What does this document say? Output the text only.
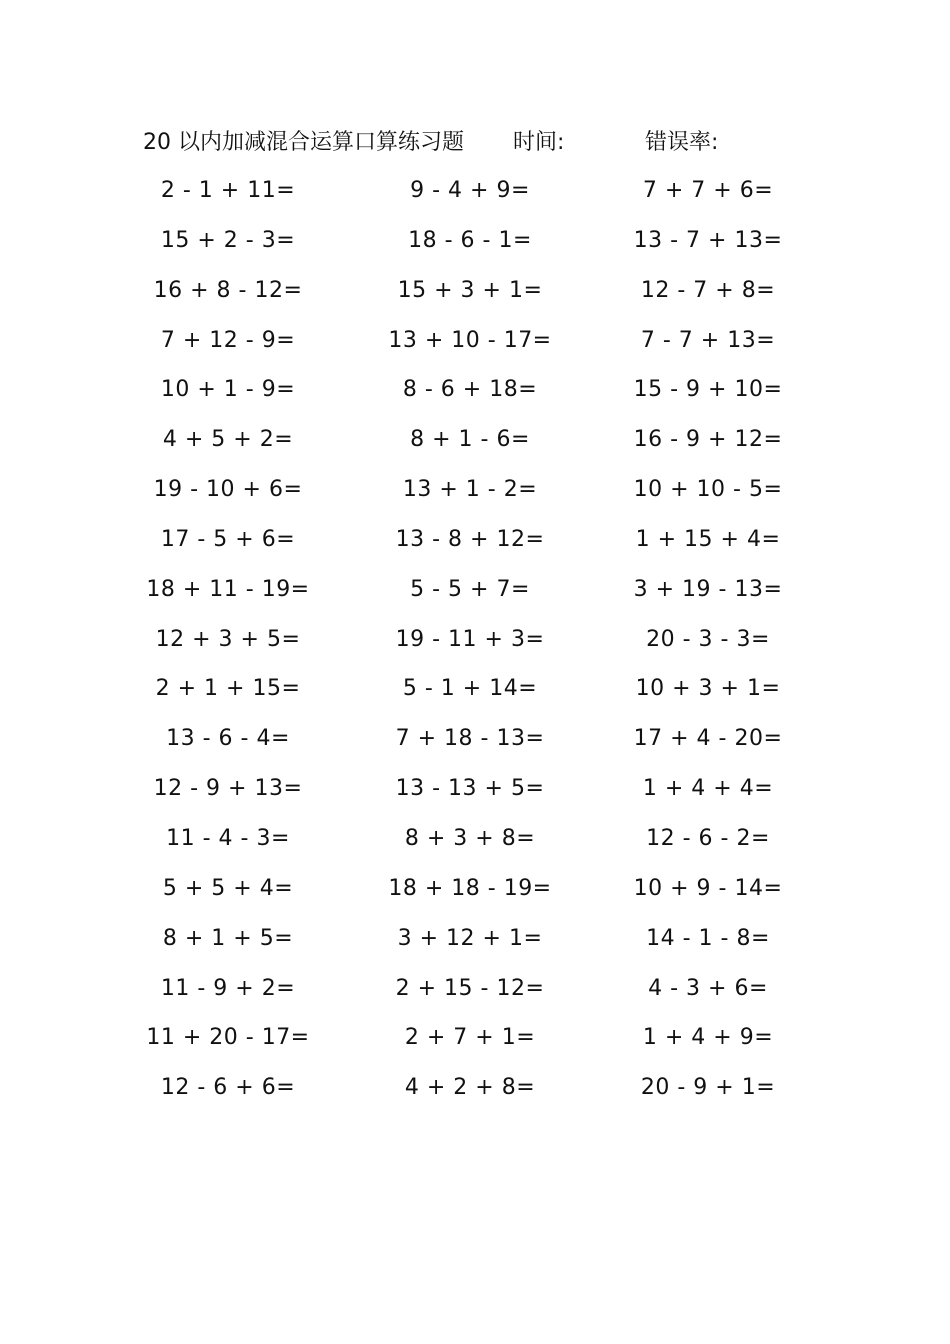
20 以内加减混合运算口算练习题 时间:	错误率:
2 - 1 + 11=	9 - 4 + 9=	7 + 7 + 6=
15 + 2 - 3=	18 - 6 - 1=	13 - 7 + 13=
16 + 8 - 12=	15 + 3 + 1=	12 - 7 + 8=
7 + 12 - 9=	13 + 10 - 17=	7 - 7 + 13=
10 + 1 - 9=	8 - 6 + 18=	15 - 9 + 10=
4 + 5 + 2=	8 + 1 - 6=	16 - 9 + 12=
19 - 10 + 6=	13 + 1 - 2=	10 + 10 - 5=
17 - 5 + 6=	13 - 8 + 12=	1 + 15 + 4=
18 + 11 - 19=	5 - 5 + 7=	3 + 19 - 13=
12 + 3 + 5=	19 - 11 + 3=	20 - 3 - 3=
2 + 1 + 15=	5 - 1 + 14=	10 + 3 + 1=
13 - 6 - 4=	7 + 18 - 13=	17 + 4 - 20=
12 - 9 + 13=	13 - 13 + 5=	1 + 4 + 4=
11 - 4 - 3=	8 + 3 + 8=	12 - 6 - 2=
5 + 5 + 4=	18 + 18 - 19=	10 + 9 - 14=
8 + 1 + 5=	3 + 12 + 1=	14 - 1 - 8=
11 - 9 + 2=	2 + 15 - 12=	4 - 3 + 6=
11 + 20 - 17=	2 + 7 + 1=	1 + 4 + 9=
12 - 6 + 6=	4 + 2 + 8=	20 - 9 + 1=
